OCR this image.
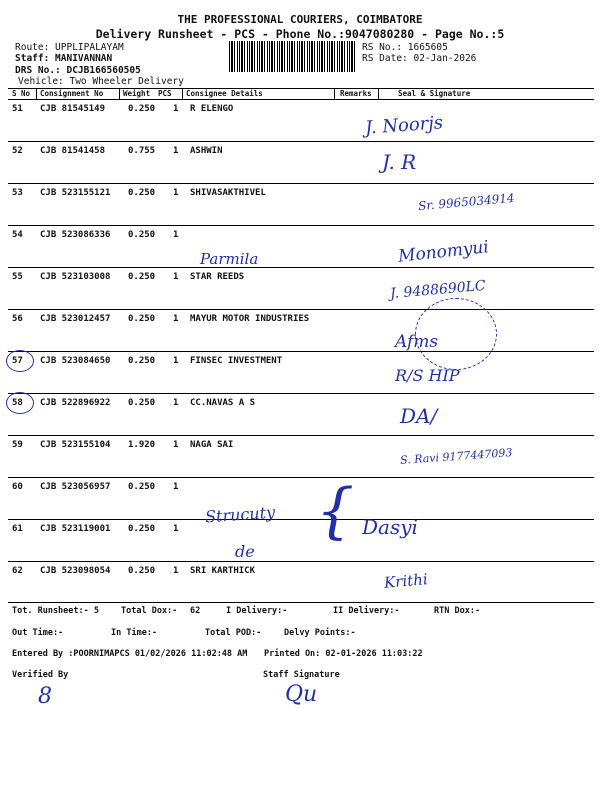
THE PROFESSIONAL COURIERS, COIMBATORE
Delivery Runsheet - PCS - Phone No.:9047080280 - Page No.:5
Route: UPPLIPALAYAM
Staff: MANIVANNAN
DRS No.: DCJB166560505
Vehicle: Two Wheeler Delivery
RS No.: 1665605
RS Date: 02-Jan-2026
S No Consignment No	Weight PCS Consignee Details	Remarks	Seal & Signature
51 CJB 81545149	0.250 1 R ELENGO
52 CJB 81541458	0.755 1 ASHWIN
53 CJB 523155121 0.250 1 SHIVASAKTHIVEL
54 CJB 523086336 0.250 1
55 CJB 523103008 0.250 1 STAR REEDS
56 CJB 523012457 0.250 1 MAYUR MOTOR INDUSTRIES
57 CJB 523084650 0.250 1 FINSEC INVESTMENT
58 CJB 522896922 0.250 1 CC.NAVAS A S
59 CJB 523155104 1.920 1 NAGA SAI
60 CJB 523056957 0.250 1
61 CJB 523119001 0.250 1
62 CJB 523098054 0.250 1 SRI KARTHICK
J. Noorjs
J. R
Sr. 9965034914
Parmila	Monomyui
J. 9488690LC
Afms
R/S HIP
DA/
S. Ravi 9177447093
Strucuty {
de
Dasyi
Krithi
Tot. Runsheet:- 5	Total Dox:- 62	I Delivery:-	II Delivery:-	RTN Dox:-
Out Time:-	In Time:-	Total POD:-	Delvy Points:-
Entered By :POORNIMAPCS 01/02/2026 11:02:48 AM Printed On: 02-01-2026 11:03:22
Verified By	Staff Signature
8	Qu
